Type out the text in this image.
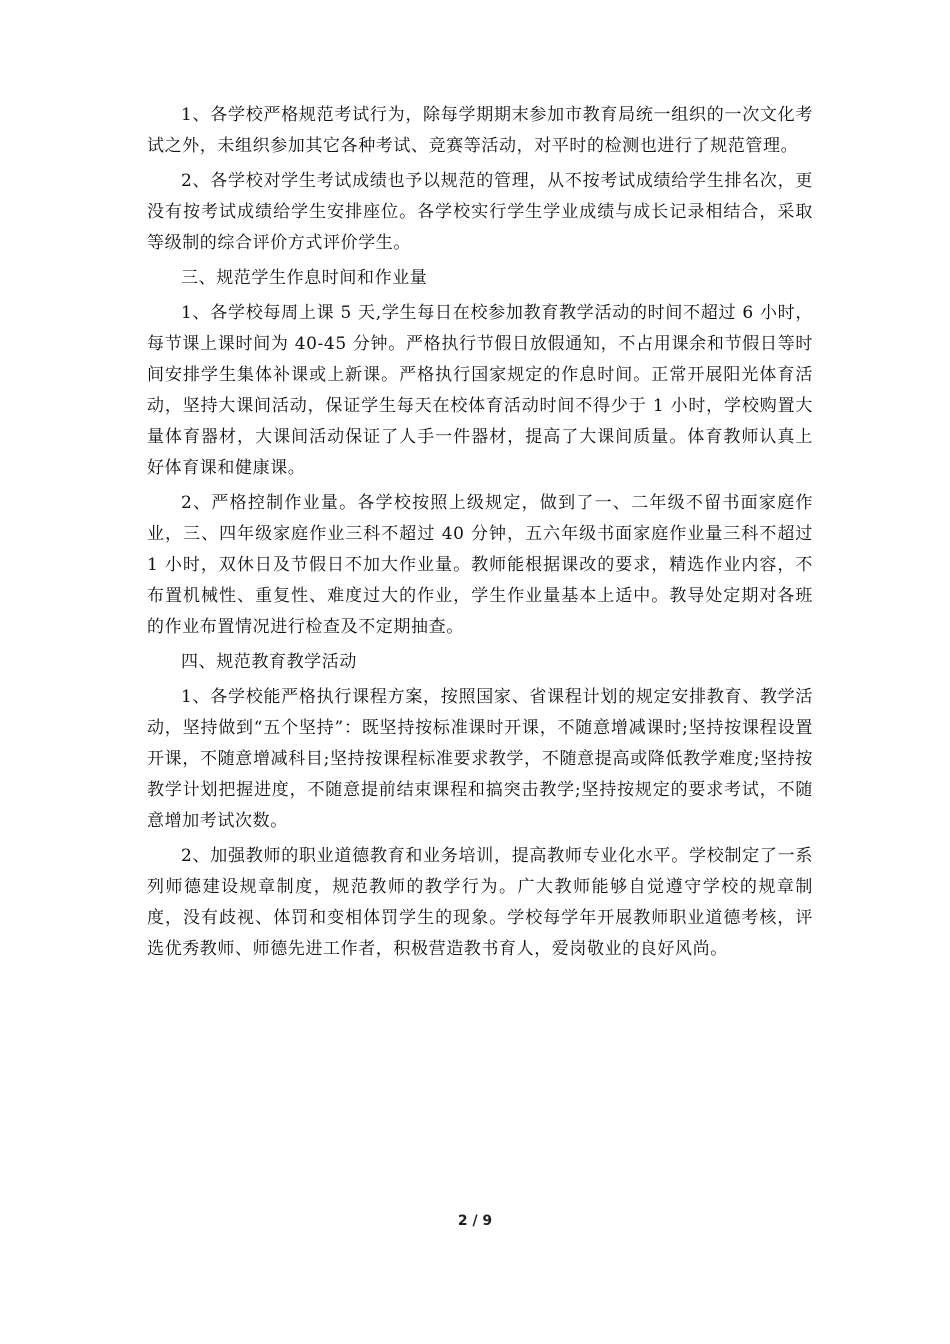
1、各学校严格规范考试行为，除每学期期末参加市教育局统一组织的一次文化考试之外，未组织参加其它各种考试、竞赛等活动，对平时的检测也进行了规范管理。

2、各学校对学生考试成绩也予以规范的管理，从不按考试成绩给学生排名次，更没有按考试成绩给学生安排座位。各学校实行学生学业成绩与成长记录相结合，采取等级制的综合评价方式评价学生。

三、规范学生作息时间和作业量

1、各学校每周上课 5 天,学生每日在校参加教育教学活动的时间不超过 6 小时，每节课上课时间为 40-45 分钟。严格执行节假日放假通知，不占用课余和节假日等时间安排学生集体补课或上新课。严格执行国家规定的作息时间。正常开展阳光体育活动，坚持大课间活动，保证学生每天在校体育活动时间不得少于 1 小时，学校购置大量体育器材，大课间活动保证了人手一件器材，提高了大课间质量。体育教师认真上好体育课和健康课。

2、严格控制作业量。各学校按照上级规定，做到了一、二年级不留书面家庭作业，三、四年级家庭作业三科不超过 40 分钟，五六年级书面家庭作业量三科不超过 1 小时，双休日及节假日不加大作业量。教师能根据课改的要求，精选作业内容，不布置机械性、重复性、难度过大的作业，学生作业量基本上适中。教导处定期对各班的作业布置情况进行检查及不定期抽查。

四、规范教育教学活动

1、各学校能严格执行课程方案，按照国家、省课程计划的规定安排教育、教学活动，坚持做到“五个坚持”：既坚持按标准课时开课，不随意增减课时;坚持按课程设置开课，不随意增减科目;坚持按课程标准要求教学，不随意提高或降低教学难度;坚持按教学计划把握进度，不随意提前结束课程和搞突击教学;坚持按规定的要求考试，不随意增加考试次数。

2、加强教师的职业道德教育和业务培训，提高教师专业化水平。学校制定了一系列师德建设规章制度，规范教师的教学行为。广大教师能够自觉遵守学校的规章制度，没有歧视、体罚和变相体罚学生的现象。学校每学年开展教师职业道德考核，评选优秀教师、师德先进工作者，积极营造教书育人，爱岗敬业的良好风尚。

2 / 9
